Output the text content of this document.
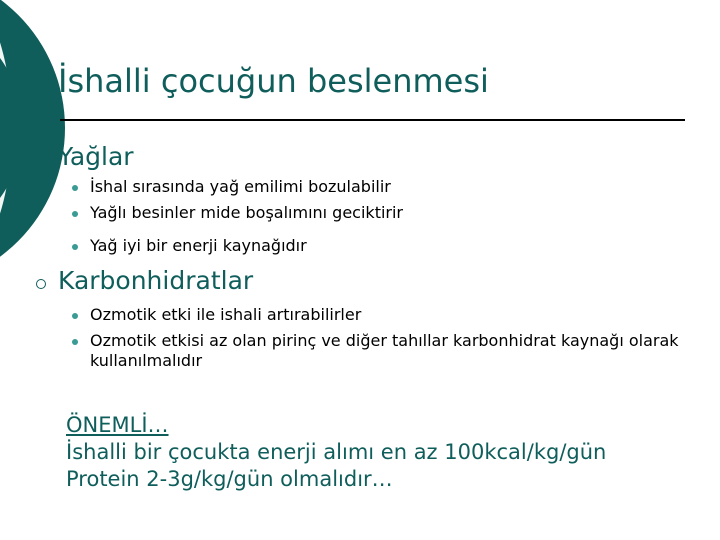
İshalli çocuğun beslenmesi
Yağlar
İshal sırasında yağ emilimi bozulabilir
Yağlı besinler mide boşalımını geciktirir
Yağ iyi bir enerji kaynağıdır
Karbonhidratlar
Ozmotik etki ile ishali artırabilirler
Ozmotik etkisi az olan pirinç ve diğer tahıllar karbonhidrat kaynağı olarak kullanılmalıdır
ÖNEMLİ…
İshalli bir çocukta enerji alımı en az 100kcal/kg/gün
Protein 2-3g/kg/gün olmalıdır…
